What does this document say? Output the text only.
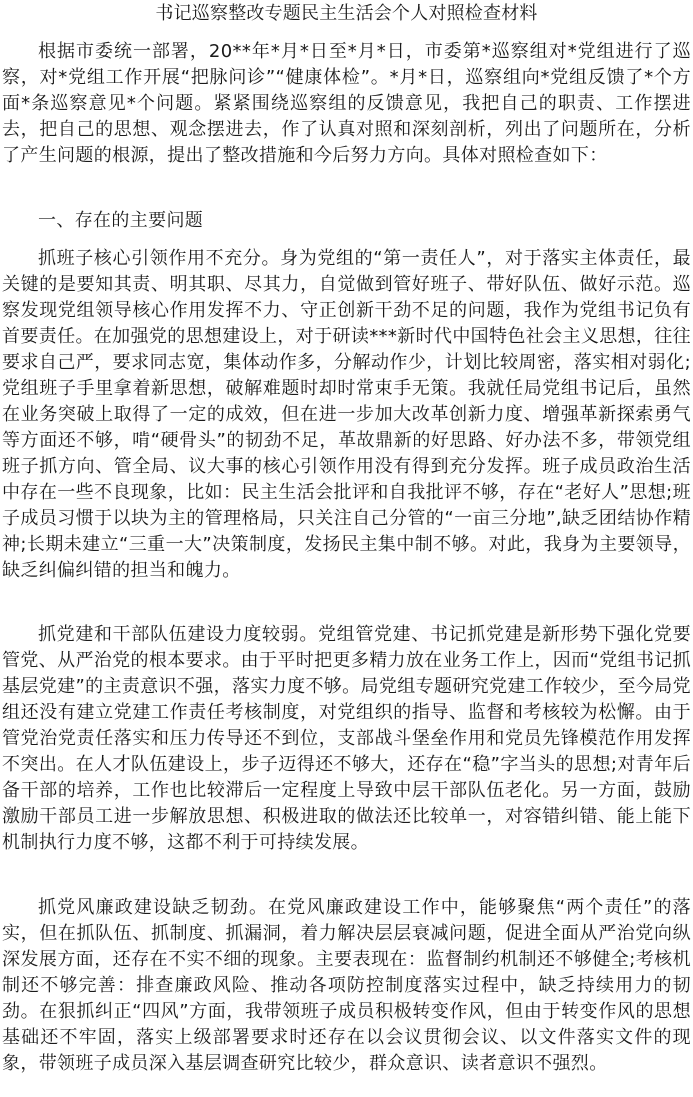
书记巡察整改专题民主生活会个人对照检查材料

根据市委统一部署，20**年*月*日至*月*日，市委第*巡察组对*党组进行了巡察，对*党组工作开展“把脉问诊”“健康体检”。*月*日，巡察组向*党组反馈了*个方面*条巡察意见*个问题。紧紧围绕巡察组的反馈意见，我把自己的职责、工作摆进去，把自己的思想、观念摆进去，作了认真对照和深刻剖析，列出了问题所在，分析了产生问题的根源，提出了整改措施和今后努力方向。具体对照检查如下：

一、存在的主要问题

抓班子核心引领作用不充分。身为党组的“第一责任人”，对于落实主体责任，最关键的是要知其责、明其职、尽其力，自觉做到管好班子、带好队伍、做好示范。巡察发现党组领导核心作用发挥不力、守正创新干劲不足的问题，我作为党组书记负有首要责任。在加强党的思想建设上，对于研读***新时代中国特色社会主义思想，往往要求自己严，要求同志宽，集体动作多，分解动作少，计划比较周密，落实相对弱化;党组班子手里拿着新思想，破解难题时却时常束手无策。我就任局党组书记后，虽然在业务突破上取得了一定的成效，但在进一步加大改革创新力度、增强革新探索勇气等方面还不够，啃“硬骨头”的韧劲不足，革故鼎新的好思路、好办法不多，带领党组班子抓方向、管全局、议大事的核心引领作用没有得到充分发挥。班子成员政治生活中存在一些不良现象，比如：民主生活会批评和自我批评不够，存在“老好人”思想;班子成员习惯于以块为主的管理格局，只关注自己分管的“一亩三分地”,缺乏团结协作精神;长期未建立“三重一大”决策制度，发扬民主集中制不够。对此，我身为主要领导，缺乏纠偏纠错的担当和魄力。

抓党建和干部队伍建设力度较弱。党组管党建、书记抓党建是新形势下强化党要管党、从严治党的根本要求。由于平时把更多精力放在业务工作上，因而“党组书记抓基层党建”的主责意识不强，落实力度不够。局党组专题研究党建工作较少，至今局党组还没有建立党建工作责任考核制度，对党组织的指导、监督和考核较为松懈。由于管党治党责任落实和压力传导还不到位，支部战斗堡垒作用和党员先锋模范作用发挥不突出。在人才队伍建设上，步子迈得还不够大，还存在“稳”字当头的思想;对青年后备干部的培养，工作也比较滞后一定程度上导致中层干部队伍老化。另一方面，鼓励激励干部员工进一步解放思想、积极进取的做法还比较单一，对容错纠错、能上能下机制执行力度不够，这都不利于可持续发展。

抓党风廉政建设缺乏韧劲。在党风廉政建设工作中，能够聚焦“两个责任”的落实，但在抓队伍、抓制度、抓漏洞，着力解决层层衰减问题，促进全面从严治党向纵深发展方面，还存在不实不细的现象。主要表现在：监督制约机制还不够健全;考核机制还不够完善：排查廉政风险、推动各项防控制度落实过程中，缺乏持续用力的韧劲。在狠抓纠正“四风”方面，我带领班子成员积极转变作风，但由于转变作风的思想基础还不牢固，落实上级部署要求时还存在以会议贯彻会议、以文件落实文件的现象，带领班子成员深入基层调查研究比较少，群众意识、读者意识不强烈。
